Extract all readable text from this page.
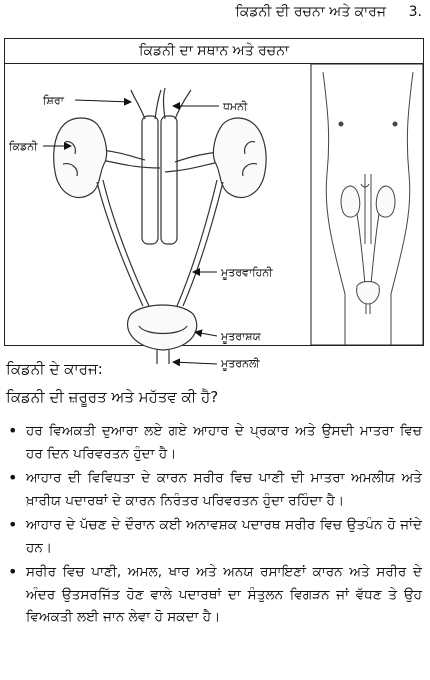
ਕਿਡਨੀ ਦੀ ਰਚਨਾ ਅਤੇ ਕਾਰਜ 3.
ਕਿਡਨੀ ਦਾ ਸਥਾਨ ਅਤੇ ਰਚਨਾ
ਸ਼ਿਰਾ	ਧਮਨੀ
ਕਿਡਨੀ
ਮੂਤਰਵਾਹਿਨੀ
ਮੂਤਰਾਸ਼ਯ
ਮੂਤਰਨਲੀ
ਕਿਡਨੀ ਦੇ ਕਾਰਜ:
ਕਿਡਨੀ ਦੀ ਜ਼ਰੂਰਤ ਅਤੇ ਮਹੱਤਵ ਕੀ ਹੈ?
• ਹਰ ਵਿਅਕਤੀ ਦੁਆਰਾ ਲਏ ਗਏ ਆਹਾਰ ਦੇ ਪ੍ਰਕਾਰ ਅਤੇ ਉਸਦੀ ਮਾਤਰਾ ਵਿਚ ਹਰ ਦਿਨ ਪਰਿਵਰਤਨ ਹੁੰਦਾ ਹੈ।
• ਆਹਾਰ ਦੀ ਵਿਵਿਧਤਾ ਦੇ ਕਾਰਨ ਸਰੀਰ ਵਿਚ ਪਾਣੀ ਦੀ ਮਾਤਰਾ ਅਮਲੀਯ ਅਤੇ ਖ਼ਾਰੀਯ ਪਦਾਰਥਾਂ ਦੇ ਕਾਰਨ ਨਿਰੰਤਰ ਪਰਿਵਰਤਨ ਹੁੰਦਾ ਰਹਿੰਦਾ ਹੈ।
• ਆਹਾਰ ਦੇ ਪੱਚਣ ਦੇ ਦੌਰਾਨ ਕਈ ਅਨਾਵਸ਼ਕ ਪਦਾਰਥ ਸਰੀਰ ਵਿਚ ਉਤਪੰਨ ਹੋ ਜਾਂਦੇ ਹਨ।
• ਸਰੀਰ ਵਿਚ ਪਾਣੀ, ਅਮਲ, ਖਾਰ ਅਤੇ ਅਨਯ ਰਸਾਇਣਾਂ ਕਾਰਨ ਅਤੇ ਸਰੀਰ ਦੇ ਅੰਦਰ ਉਤਸਰਜਿੱਤ ਹੋਣ ਵਾਲੇ ਪਦਾਰਥਾਂ ਦਾ ਸੰਤੁਲਨ ਵਿਗੜਨ ਜਾਂ ਵੱਧਣ ਤੇ ਉਹ ਵਿਅਕਤੀ ਲਈ ਜਾਨ ਲੇਵਾ ਹੋ ਸਕਦਾ ਹੈ।
